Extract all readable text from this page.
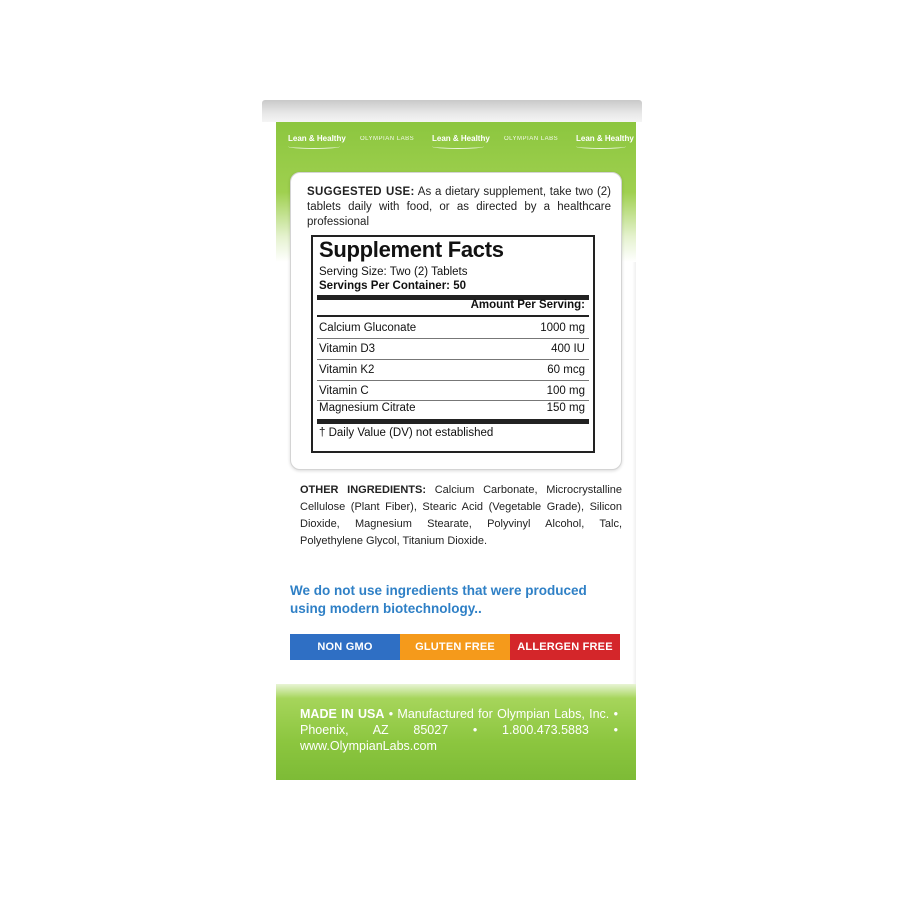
Lean & Healthy OLYMPIAN LABS Lean & Healthy OLYMPIAN LABS Lean & Healthy
SUGGESTED USE: As a dietary supplement, take two (2) tablets daily with food, or as directed by a healthcare professional
Supplement Facts
Serving Size: Two (2) Tablets
Servings Per Container: 50
Amount Per Serving:
Calcium Gluconate	1000 mg
Vitamin D3	400 IU
Vitamin K2	60 mcg
Vitamin C	100 mg
Magnesium Citrate	150 mg
† Daily Value (DV) not established
OTHER INGREDIENTS: Calcium Carbonate, Microcrystalline Cellulose (Plant Fiber), Stearic Acid (Vegetable Grade), Silicon Dioxide, Magnesium Stearate, Polyvinyl Alcohol, Talc, Polyethylene Glycol, Titanium Dioxide.
We do not use ingredients that were produced using modern biotechnology..
NON GMO	GLUTEN FREE	ALLERGEN FREE
MADE IN USA • Manufactured for Olympian Labs, Inc. • Phoenix, AZ 85027 • 1.800.473.5883 • www.OlympianLabs.com
